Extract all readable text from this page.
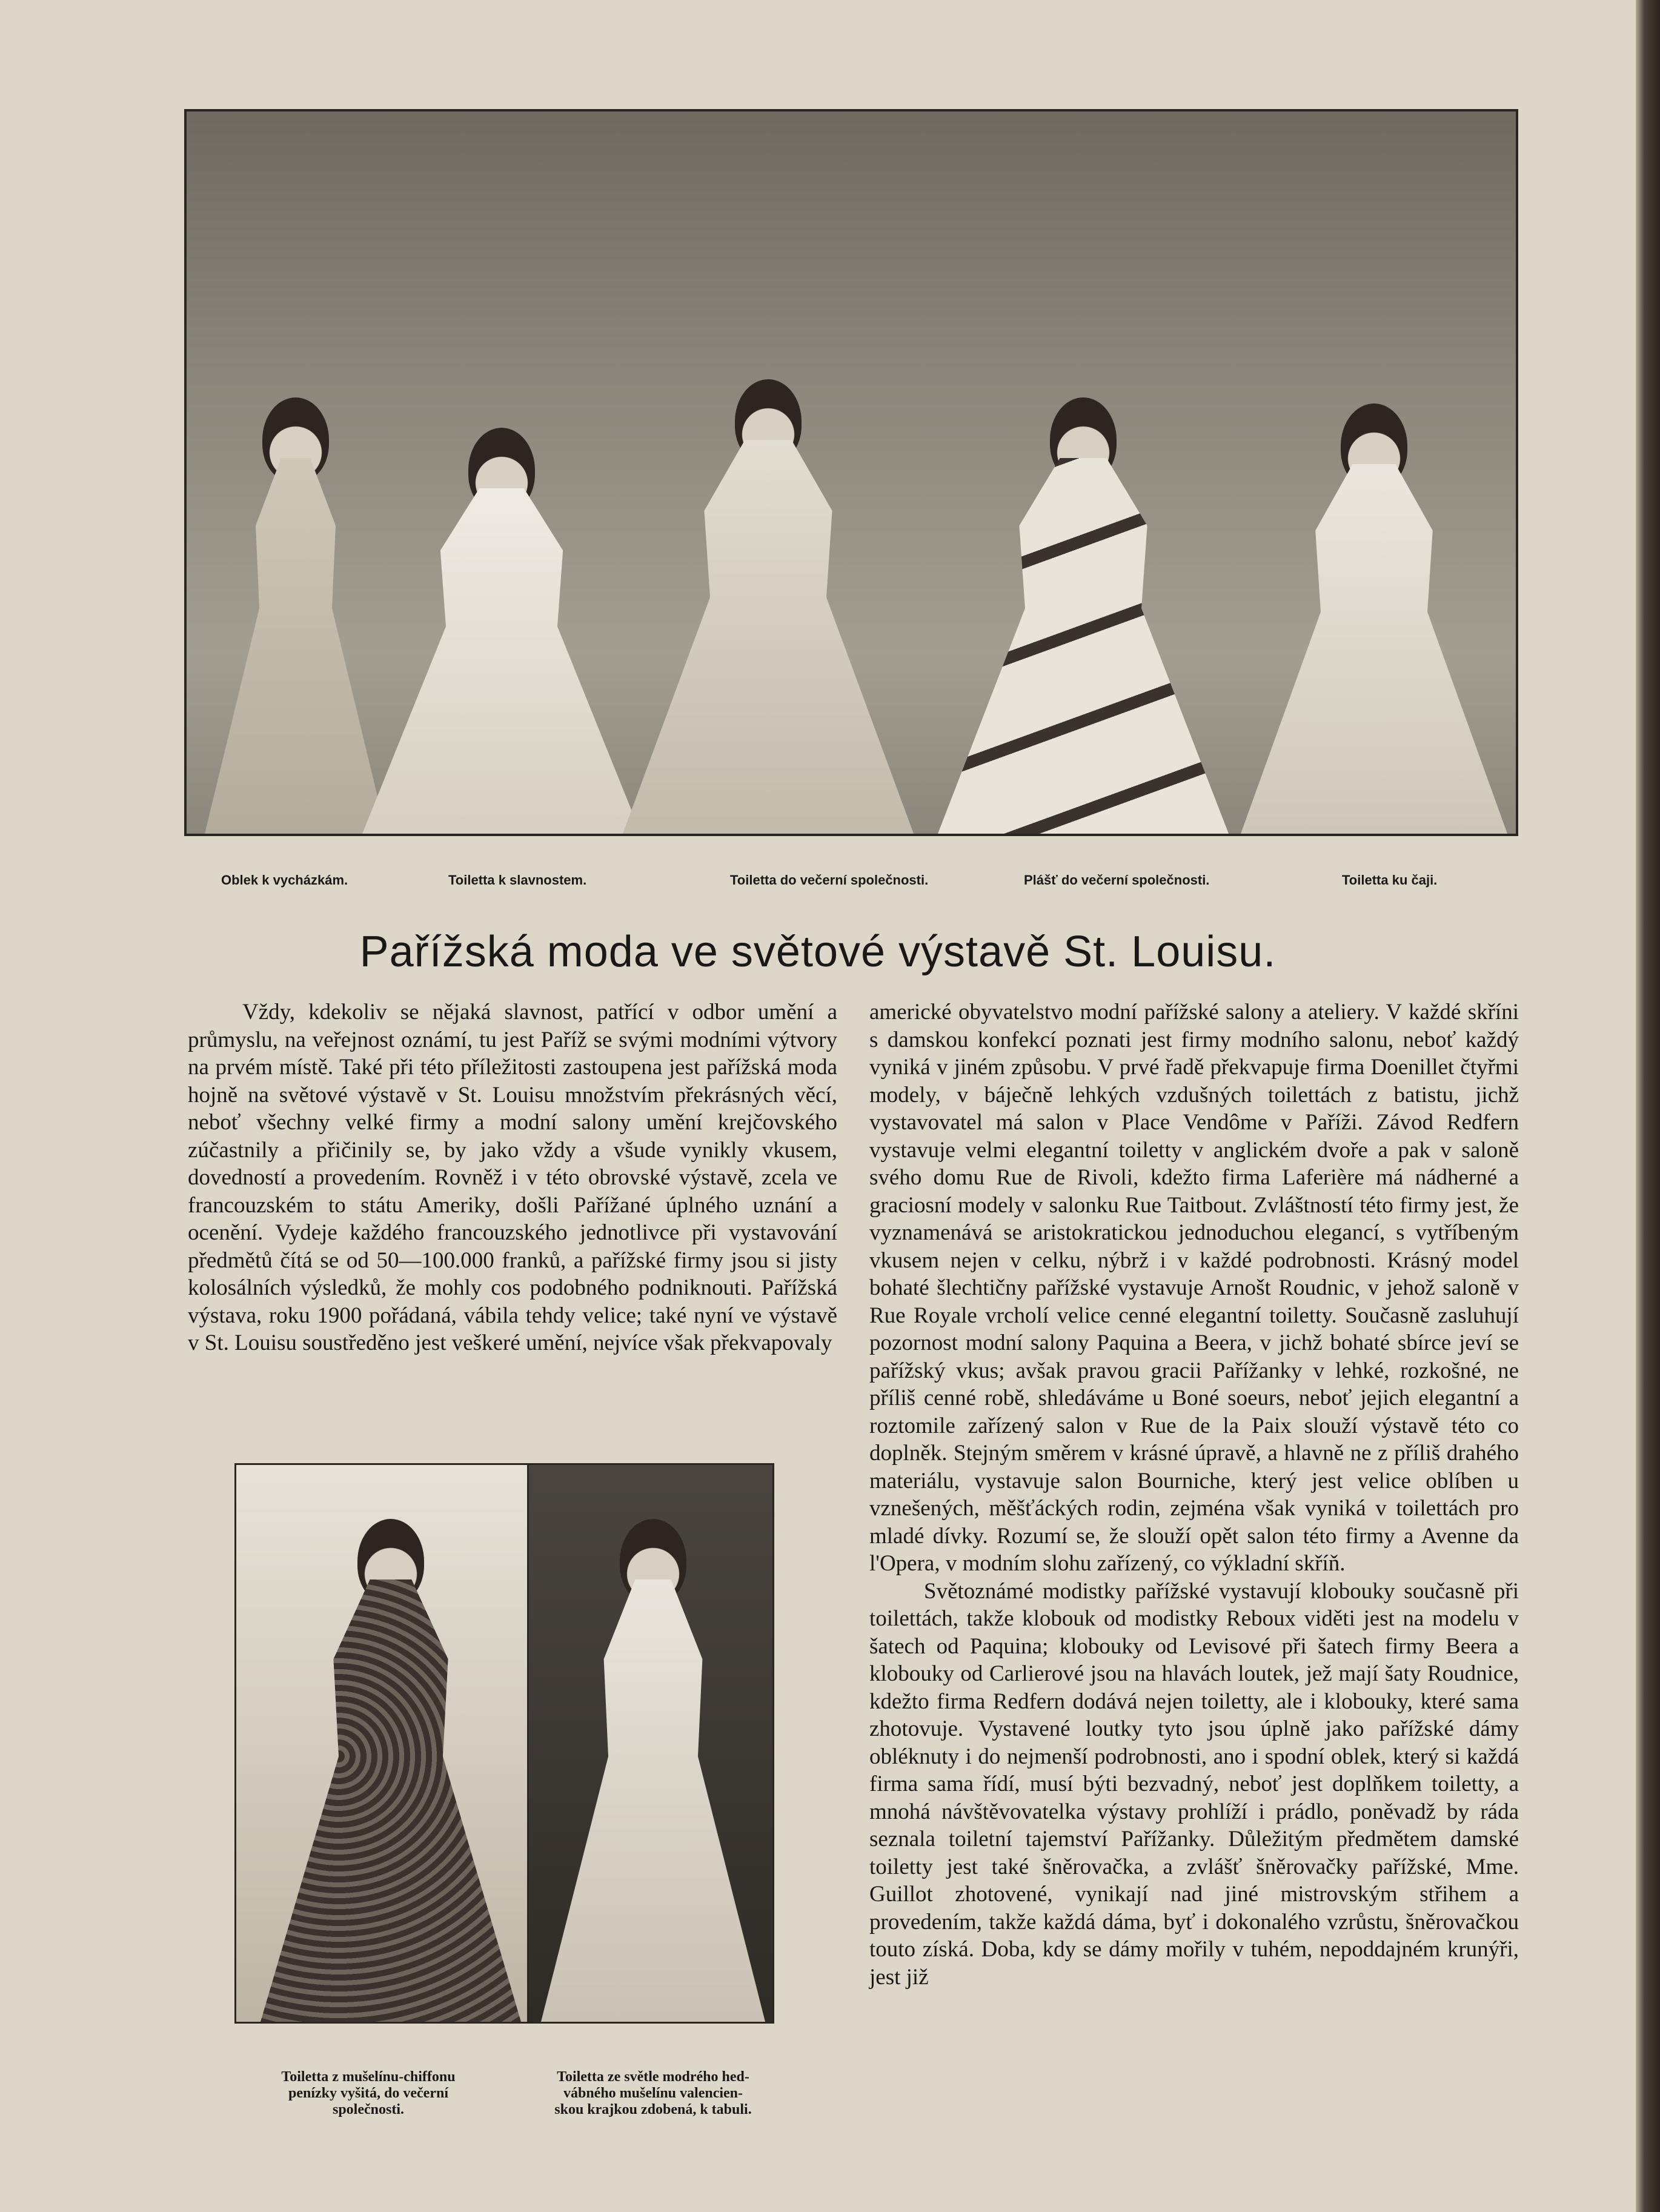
Oblek k vycházkám.	Toiletta k slavnostem.	Toiletta do večerní společnosti.	Plášť do večerní společnosti.	Toiletta ku čaji.
Pařížská moda ve světové výstavě St. Louisu.

Vždy, kdekoliv se nějaká slavnost, patřící v odbor umění a průmyslu, na veřejnost oznámí, tu jest Paříž se svými modními výtvory na prvém místě. Také při této příležitosti zastoupena jest pařížská moda hojně na světové výstavě v St. Louisu množstvím překrásných věcí, neboť všechny velké firmy a modní salony umění krejčovského zúčastnily a přičinily se, by jako vždy a všude vynikly vkusem, dovedností a provedením. Rovněž i v této obrovské výstavě, zcela ve francouzském to státu Ameriky, došli Pařížané úplného uznání a ocenění. Vydeje každého francouzského jednotlivce při vystavování předmětů čítá se od 50—100.000 franků, a pařížské firmy jsou si jisty kolosálních výsledků, že mohly cos podobného podniknouti. Pařížská výstava, roku 1900 pořádaná, vábila tehdy velice; také nyní ve výstavě v St. Louisu soustředěno jest veškeré umění, nejvíce však překvapovaly

Toiletta z mušelínu-chiffonu
penízky vyšitá, do večerní
společnosti.
Toiletta ze světle modrého hed-
vábného mušelínu valencien-
skou krajkou zdobená, k tabuli.

americké obyvatelstvo modní pařížské salony a ateliery. V každé skříni s damskou konfekcí poznati jest firmy modního salonu, neboť každý vyniká v jiném způsobu. V prvé řadě překvapuje firma Doenillet čtyřmi modely, v báječně lehkých vzdušných toilettách z batistu, jichž vystavovatel má salon v Place Vendôme v Paříži. Závod Redfern vystavuje velmi elegantní toiletty v anglickém dvoře a pak v saloně svého domu Rue de Rivoli, kdežto firma Laferière má nádherné a graciosní modely v salonku Rue Taitbout. Zvláštností této firmy jest, že vyznamenává se aristokratickou jednoduchou elegancí, s vytříbeným vkusem nejen v celku, nýbrž i v každé podrobnosti. Krásný model bohaté šlechtičny pařížské vystavuje Arnošt Roudnic, v jehož saloně v Rue Royale vrcholí velice cenné elegantní toiletty. Současně zasluhují pozornost modní salony Paquina a Beera, v jichž bohaté sbírce jeví se pařížský vkus; avšak pravou gracii Pařížanky v lehké, rozkošné, ne příliš cenné robě, shledáváme u Boné soeurs, neboť jejich elegantní a roztomile zařízený salon v Rue de la Paix slouží výstavě této co doplněk. Stejným směrem v krásné úpravě, a hlavně ne z příliš drahého materiálu, vystavuje salon Bourniche, který jest velice oblíben u vznešených, měšťáckých rodin, zejména však vyniká v toilettách pro mladé dívky. Rozumí se, že slouží opět salon této firmy a Avenne da l'Opera, v modním slohu zařízený, co výkladní skříň.

Světoznámé modistky pařížské vystavují klobouky současně při toilettách, takže klobouk od modistky Reboux viděti jest na modelu v šatech od Paquina; klobouky od Levisové při šatech firmy Beera a klobouky od Carlierové jsou na hlavách loutek, jež mají šaty Roudnice, kdežto firma Redfern dodává nejen toiletty, ale i klobouky, které sama zhotovuje. Vystavené loutky tyto jsou úplně jako pařížské dámy obléknuty i do nejmenší podrobnosti, ano i spodní oblek, který si každá firma sama řídí, musí býti bezvadný, neboť jest doplňkem toiletty, a mnohá návštěvovatelka výstavy prohlíží i prádlo, poněvadž by ráda seznala toiletní tajemství Pařížanky. Důležitým předmětem damské toiletty jest také šněrovačka, a zvlášť šněrovačky pařížské, Mme. Guillot zhotovené, vynikají nad jiné mistrovským střihem a provedením, takže každá dáma, byť i dokonalého vzrůstu, šněrovačkou touto získá. Doba, kdy se dámy mořily v tuhém, nepoddajném krunýři, jest již
